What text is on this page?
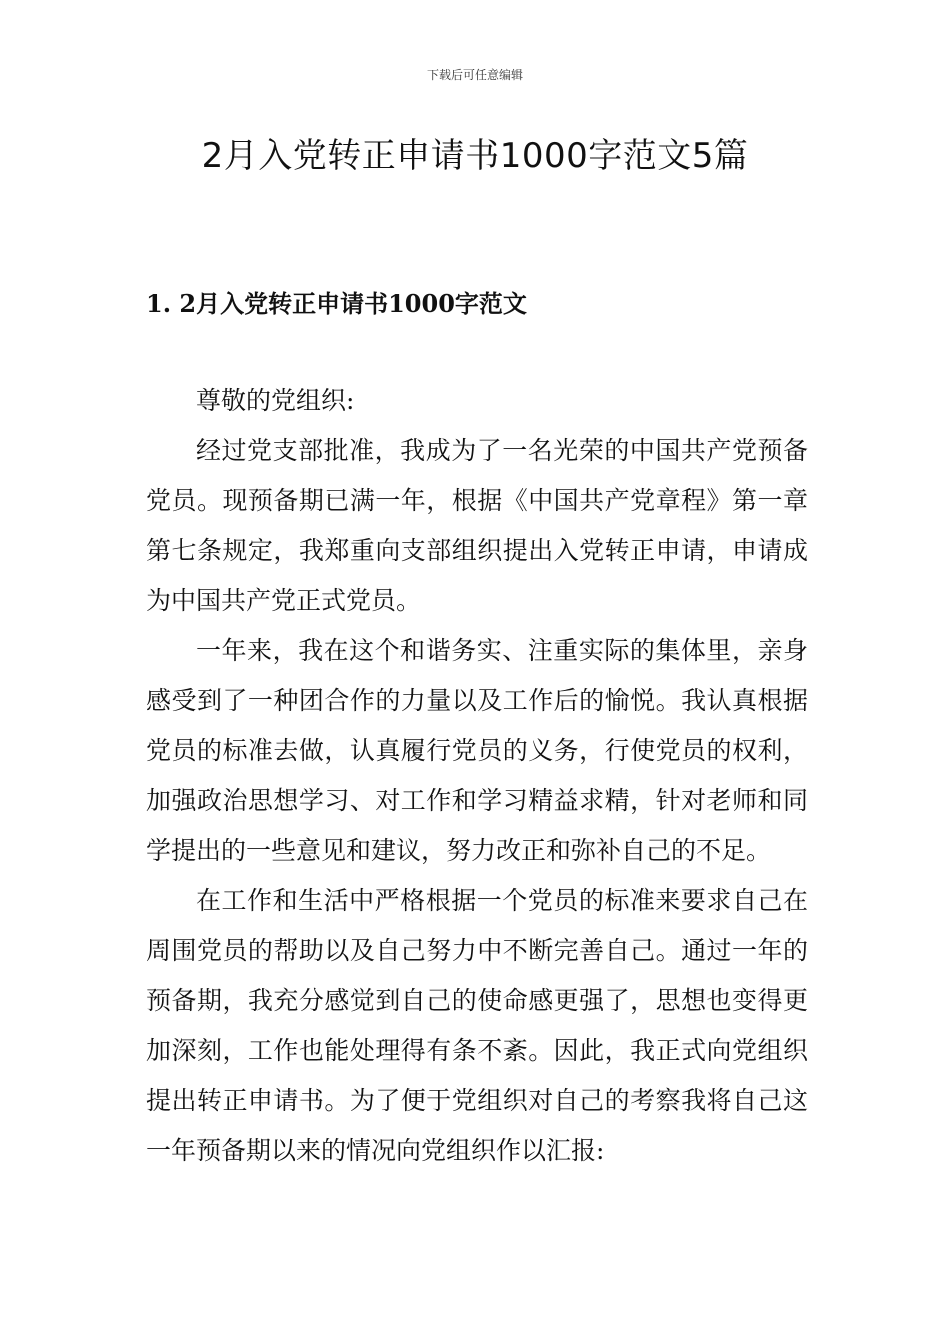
下载后可任意编辑
2月入党转正申请书1000字范文5篇
1. 2月入党转正申请书1000字范文

尊敬的党组织:

经过党支部批准，我成为了一名光荣的中国共产党预备党员。现预备期已满一年，根据《中国共产党章程》第一章第七条规定，我郑重向支部组织提出入党转正申请，申请成为中国共产党正式党员。

一年来，我在这个和谐务实、注重实际的集体里，亲身感受到了一种团合作的力量以及工作后的愉悦。我认真根据党员的标准去做，认真履行党员的义务，行使党员的权利，加强政治思想学习、对工作和学习精益求精，针对老师和同学提出的一些意见和建议，努力改正和弥补自己的不足。

在工作和生活中严格根据一个党员的标准来要求自己在周围党员的帮助以及自己努力中不断完善自己。通过一年的预备期，我充分感觉到自己的使命感更强了，思想也变得更加深刻，工作也能处理得有条不紊。因此，我正式向党组织提出转正申请书。为了便于党组织对自己的考察我将自己这一年预备期以来的情况向党组织作以汇报:
